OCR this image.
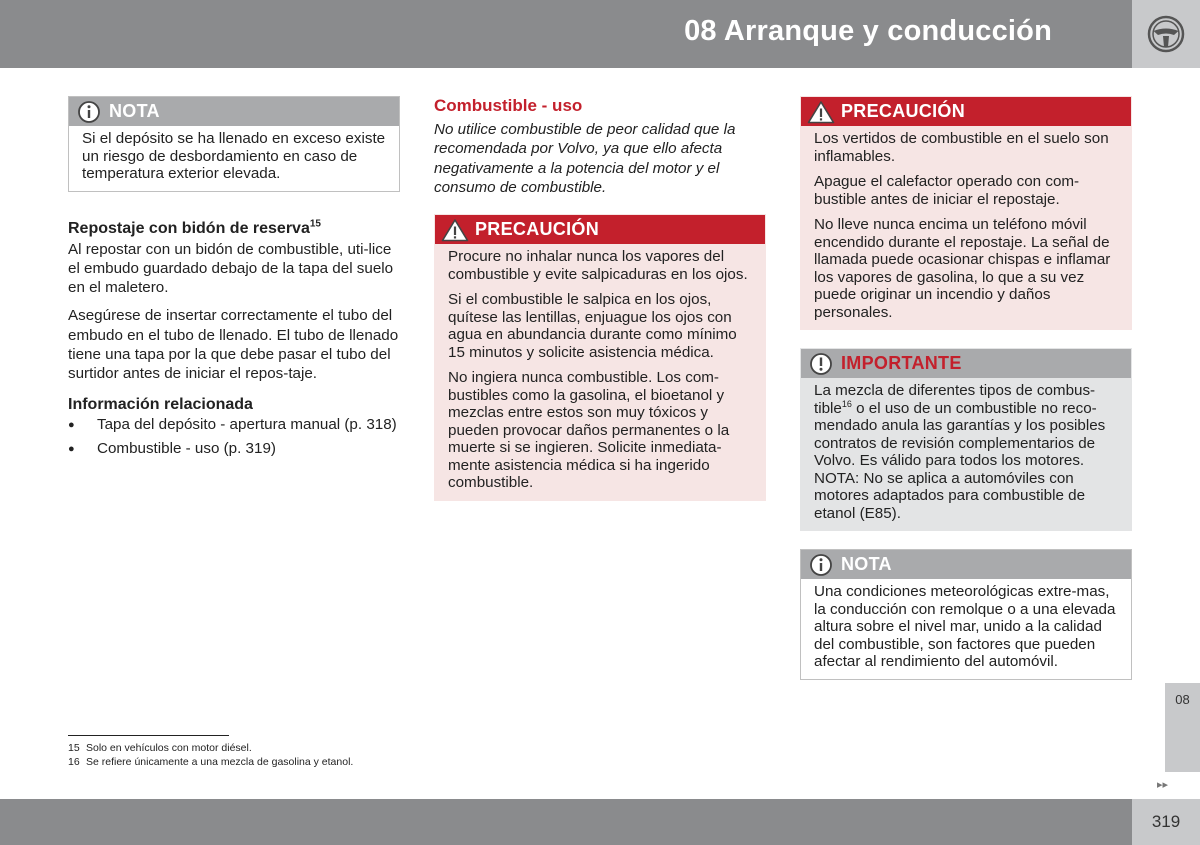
08 Arranque y conducción
NOTA
Si el depósito se ha llenado en exceso existe un riesgo de desbordamiento en caso de temperatura exterior elevada.
Repostaje con bidón de reserva$^{15}$

Al repostar con un bidón de combustible, uti-lice el embudo guardado debajo de la tapa del suelo en el maletero.

Asegúrese de insertar correctamente el tubo del embudo en el tubo de llenado. El tubo de llenado tiene una tapa por la que debe pasar el tubo del surtidor antes de iniciar el repos-taje.

Información relacionada
● Tapa del depósito - apertura manual (p. 318)
● Combustible - uso (p. 319)
Combustible - uso

No utilice combustible de peor calidad que la recomendada por Volvo, ya que ello afecta negativamente a la potencia del motor y el consumo de combustible.

PRECAUCIÓN

Procure no inhalar nunca los vapores del combustible y evite salpicaduras en los ojos.

Si el combustible le salpica en los ojos, quítese las lentillas, enjuague los ojos con agua en abundancia durante como mínimo 15 minutos y solicite asistencia médica.

No ingiera nunca combustible. Los com-bustibles como la gasolina, el bioetanol y mezclas entre estos son muy tóxicos y pueden provocar daños permanentes o la muerte si se ingieren. Solicite inmediata-mente asistencia médica si ha ingerido combustible.

PRECAUCIÓN

Los vertidos de combustible en el suelo son inflamables.

Apague el calefactor operado con com-bustible antes de iniciar el repostaje.

No lleve nunca encima un teléfono móvil encendido durante el repostaje. La señal de llamada puede ocasionar chispas e inflamar los vapores de gasolina, lo que a su vez puede originar un incendio y daños personales.

IMPORTANTE

La mezcla de diferentes tipos de combus-tible$^{16}$ o el uso de un combustible no reco-mendado anula las garantías y los posibles contratos de revisión complementarios de Volvo. Es válido para todos los motores. NOTA: No se aplica a automóviles con motores adaptados para combustible de etanol (E85).

NOTA
Una condiciones meteorológicas extre-mas, la conducción con remolque o a una elevada altura sobre el nivel mar, unido a la calidad del combustible, son factores que pueden afectar al rendimiento del automóvil.
15 Solo en vehículos con motor diésel.
16 Se refiere únicamente a una mezcla de gasolina y etanol.
08
▸▸
319
